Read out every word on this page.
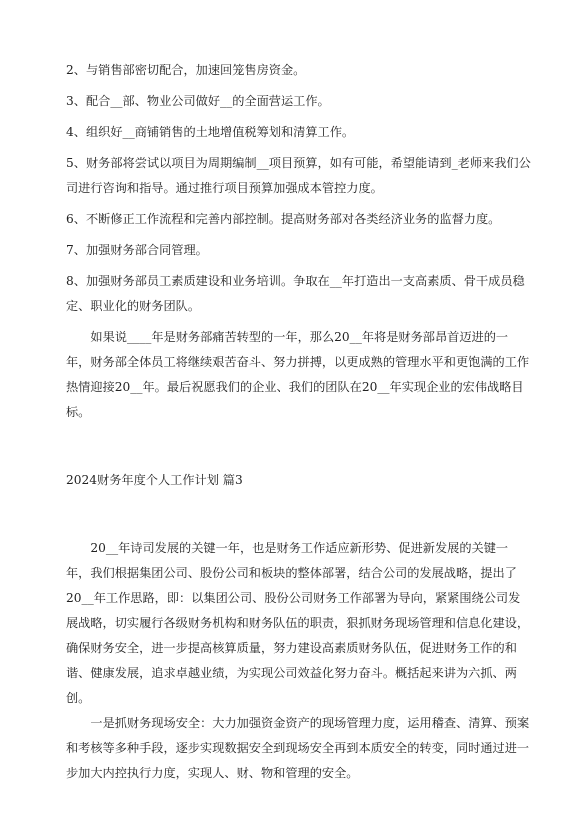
2、与销售部密切配合，加速回笼售房资金。

3、配合__部、物业公司做好__的全面营运工作。

4、组织好__商铺销售的土地增值税筹划和清算工作。

5、财务部将尝试以项目为周期编制__项目预算，如有可能，希望能请到_老师来我们公司进行咨询和指导。通过推行项目预算加强成本管控力度。

6、不断修正工作流程和完善内部控制。提高财务部对各类经济业务的监督力度。

7、加强财务部合同管理。

8、加强财务部员工素质建设和业务培训。争取在__年打造出一支高素质、骨干成员稳定、职业化的财务团队。

如果说____年是财务部痛苦转型的一年，那么20__年将是财务部昂首迈进的一年，财务部全体员工将继续艰苦奋斗、努力拼搏，以更成熟的管理水平和更饱满的工作热情迎接20__年。最后祝愿我们的企业、我们的团队在20__年实现企业的宏伟战略目标。

2024财务年度个人工作计划 篇3

20__年诗司发展的关键一年，也是财务工作适应新形势、促进新发展的关键一年，我们根据集团公司、股份公司和板块的整体部署，结合公司的发展战略，提出了20__年工作思路，即：以集团公司、股份公司财务工作部署为导向，紧紧围绕公司发展战略，切实履行各级财务机构和财务队伍的职责，狠抓财务现场管理和信息化建设，确保财务安全，进一步提高核算质量，努力建设高素质财务队伍，促进财务工作的和谐、健康发展，追求卓越业绩，为实现公司效益化努力奋斗。概括起来讲为六抓、两创。

一是抓财务现场安全：大力加强资金资产的现场管理力度，运用稽查、清算、预案和考核等多种手段，逐步实现数据安全到现场安全再到本质安全的转变，同时通过进一步加大内控执行力度，实现人、财、物和管理的安全。
